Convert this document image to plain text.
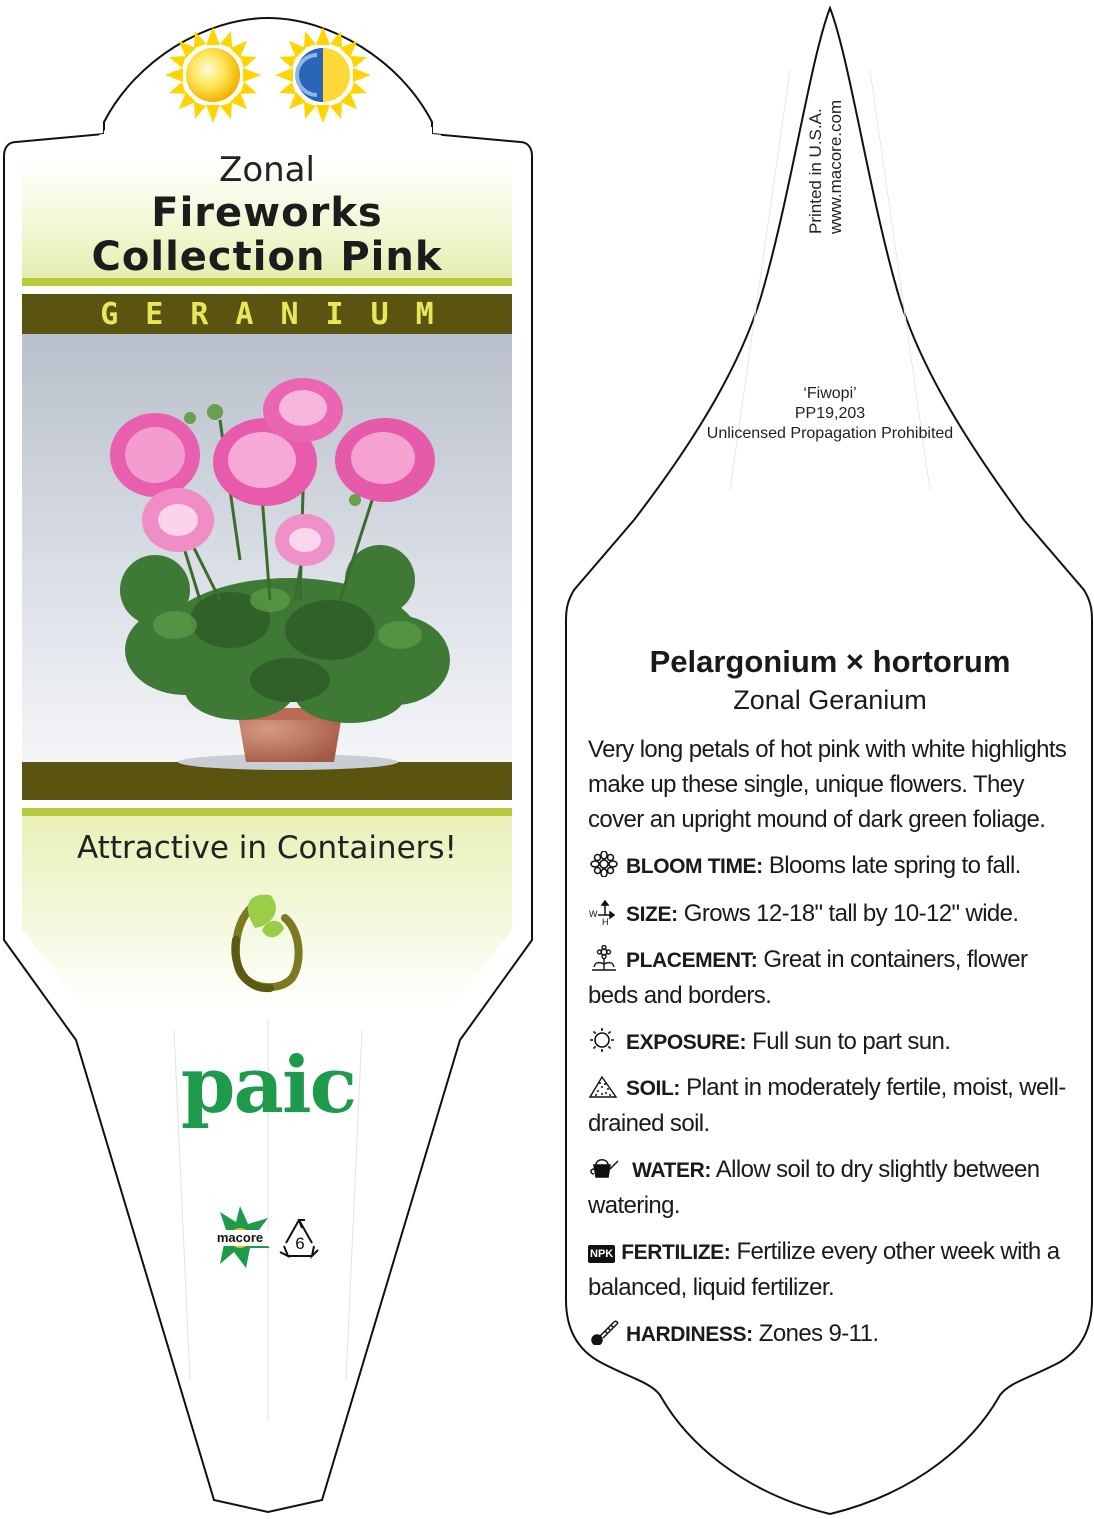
Zonal
Fireworks
Collection Pink
GERANIUM
Attractive in Containers!
paic
macore	6
Printed in U.S.A. www.macore.com
‘Fiwopi’
PP19,203
Unlicensed Propagation Prohibited
Pelargonium × hortorum
Zonal Geranium
Very long petals of hot pink with white highlights make up these single, unique flowers. They cover an upright mound of dark green foliage.
BLOOM TIME: Blooms late spring to fall.
W
H SIZE: Grows 12-18" tall by 10-12" wide.
PLACEMENT: Great in containers, flower beds and borders.
EXPOSURE: Full sun to part sun.
SOIL: Plant in moderately fertile, moist, well-drained soil.
WATER: Allow soil to dry slightly between watering.
NPK FERTILIZE: Fertilize every other week with a balanced, liquid fertilizer.
HARDINESS: Zones 9-11.
